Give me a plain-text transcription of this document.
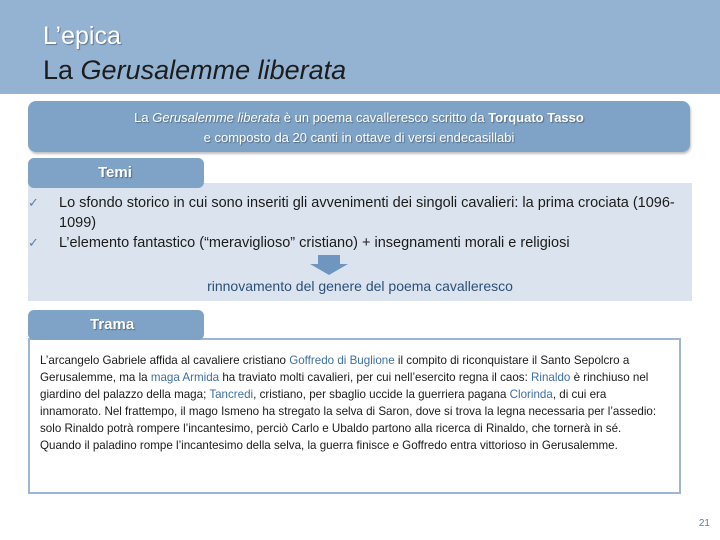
L’epica
La Gerusalemme liberata
La Gerusalemme liberata è un poema cavalleresco scritto da Torquato Tasso
e composto da 20 canti in ottave di versi endecasillabi
✓	Lo sfondo storico in cui sono inseriti gli avvenimenti dei singoli cavalieri: la prima crociata (1096-1099)
✓	L’elemento fantastico (“meraviglioso” cristiano) + insegnamenti morali e religiosi
Temi
rinnovamento del genere del poema cavalleresco
L’arcangelo Gabriele affida al cavaliere cristiano Goffredo di Buglione il compito di riconquistare il Santo Sepolcro a Gerusalemme, ma la maga Armida ha traviato molti cavalieri, per cui nell’esercito regna il caos: Rinaldo è rinchiuso nel giardino del palazzo della maga; Tancredi, cristiano, per sbaglio uccide la guerriera pagana Clorinda, di cui era innamorato. Nel frattempo, il mago Ismeno ha stregato la selva di Saron, dove si trova la legna necessaria per l’assedio: solo Rinaldo potrà rompere l’incantesimo, perciò Carlo e Ubaldo partono alla ricerca di Rinaldo, che tornerà in sé.
Quando il paladino rompe l’incantesimo della selva, la guerra finisce e Goffredo entra vittorioso in Gerusalemme.
Trama
21
